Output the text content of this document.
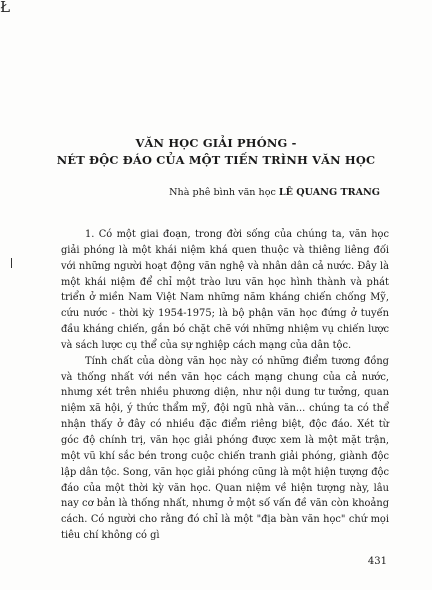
Ł
VĂN HỌC GIẢI PHÓNG -
NÉT ĐỘC ĐÁO CỦA MỘT TIẾN TRÌNH VĂN HỌC
Nhà phê bình văn học LÊ QUANG TRANG

1. Có một giai đoạn, trong đời sống của chúng ta, văn học giải phóng là một khái niệm khá quen thuộc và thiêng liêng đối với những người hoạt động văn nghệ và nhân dân cả nước. Đây là một khái niệm để chỉ một trào lưu văn học hình thành và phát triển ở miền Nam Việt Nam những năm kháng chiến chống Mỹ, cứu nước - thời kỳ 1954-1975; là bộ phận văn học đứng ở tuyến đầu kháng chiến, gắn bó chặt chẽ với những nhiệm vụ chiến lược và sách lược cụ thể của sự nghiệp cách mạng của dân tộc.

Tính chất của dòng văn học này có những điểm tương đồng và thống nhất với nền văn học cách mạng chung của cả nước, nhưng xét trên nhiều phương diện, như nội dung tư tưởng, quan niệm xã hội, ý thức thẩm mỹ, đội ngũ nhà văn... chúng ta có thể nhận thấy ở đây có nhiều đặc điểm riêng biệt, độc đáo. Xét từ góc độ chính trị, văn học giải phóng được xem là một mặt trận, một vũ khí sắc bén trong cuộc chiến tranh giải phóng, giành độc lập dân tộc. Song, văn học giải phóng cũng là một hiện tượng độc đáo của một thời kỳ văn học. Quan niệm về hiện tượng này, lâu nay cơ bản là thống nhất, nhưng ở một số vấn đề văn còn khoảng cách. Có người cho rằng đó chỉ là một "địa bàn văn học" chứ mọi tiêu chí không có gì

431
